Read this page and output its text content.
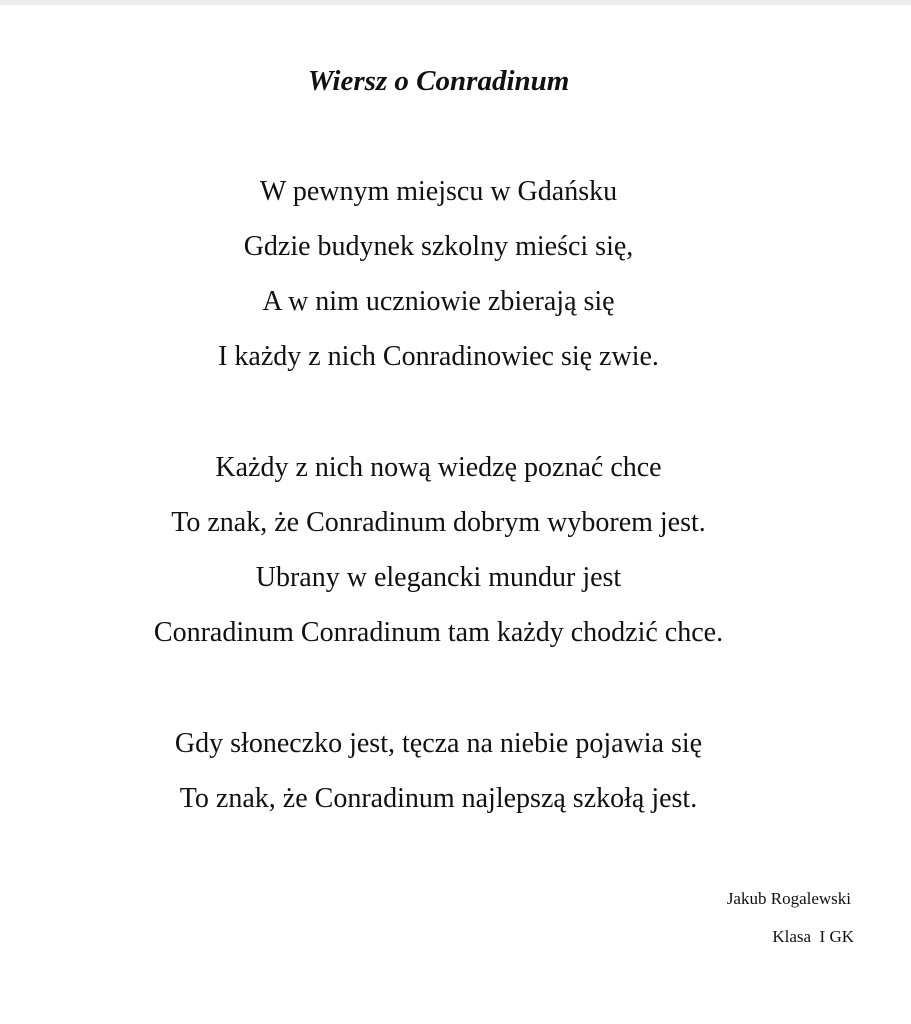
Wiersz o Conradinum
W pewnym miejscu w Gdańsku
Gdzie budynek szkolny mieści się,
A w nim uczniowie zbierają się
I każdy z nich Conradinowiec się zwie.
Każdy z nich nową wiedzę poznać chce
To znak, że Conradinum dobrym wyborem jest.
Ubrany w elegancki mundur jest
Conradinum Conradinum tam każdy chodzić chce.
Gdy słoneczko jest, tęcza na niebie pojawia się
To znak, że Conradinum najlepszą szkołą jest.
Jakub Rogalewski
Klasa  I GK
